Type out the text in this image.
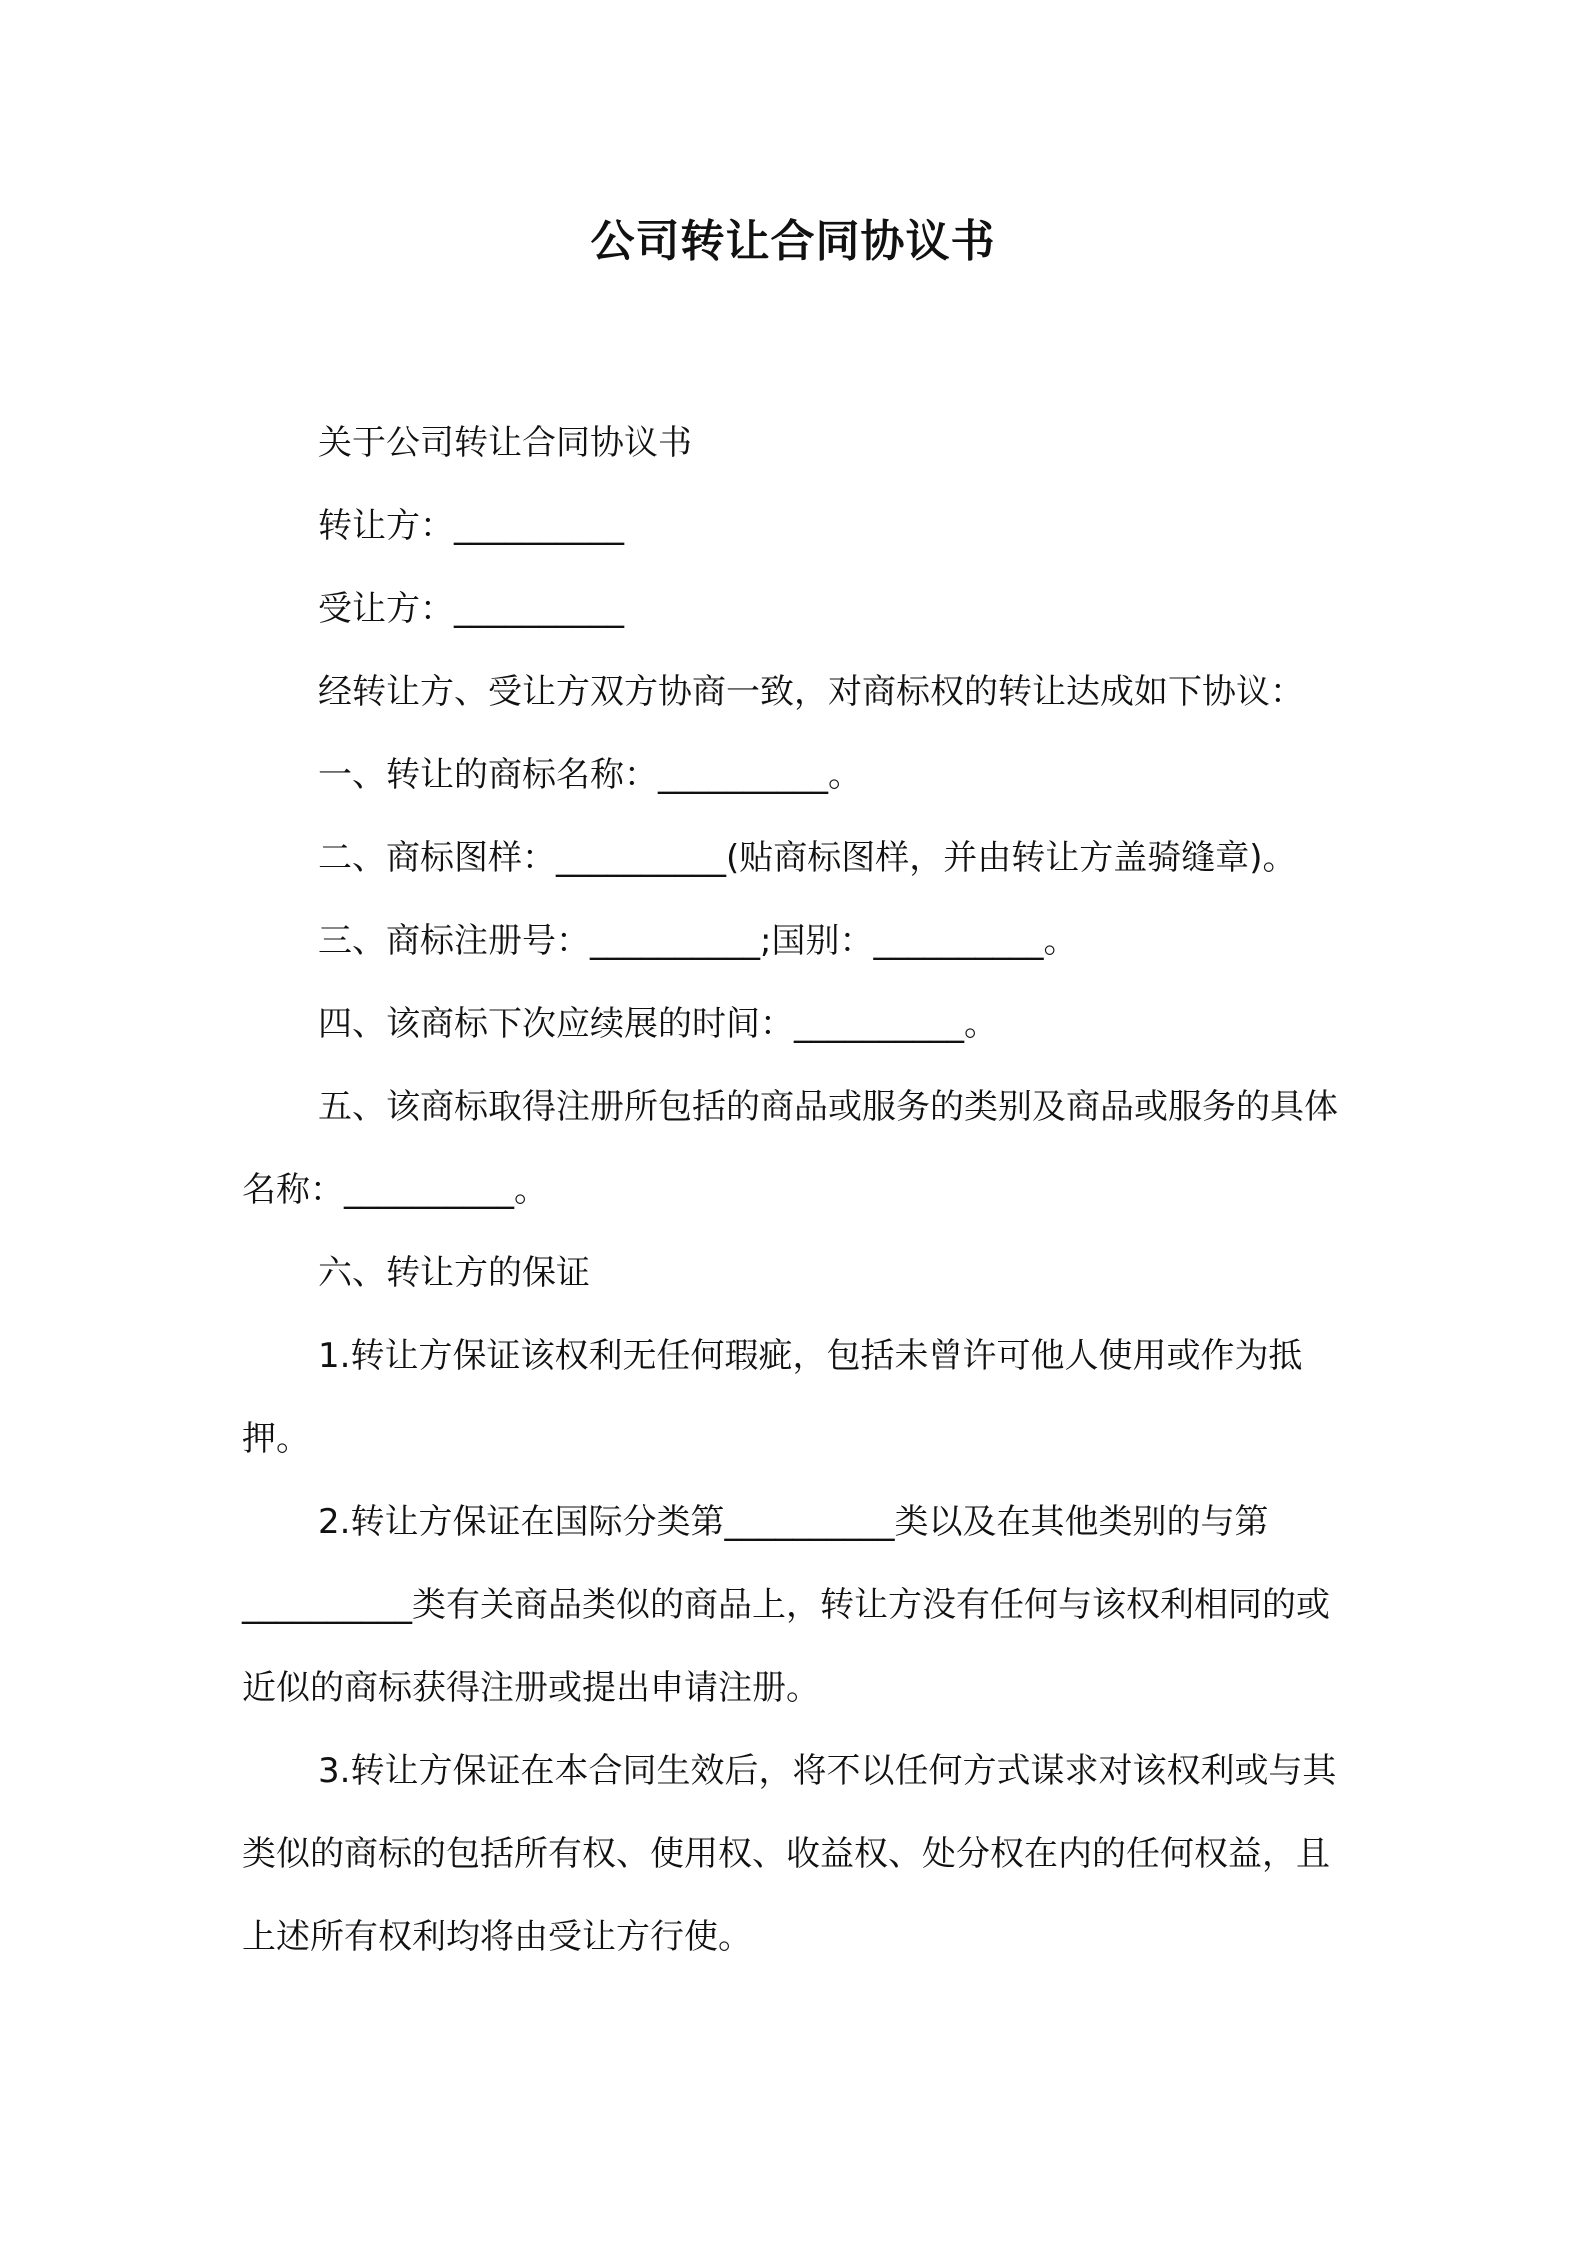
公司转让合同协议书

关于公司转让合同协议书

转让方：__________

受让方：__________

经转让方、受让方双方协商一致，对商标权的转让达成如下协议：

一、转让的商标名称：__________。

二、商标图样：__________(贴商标图样，并由转让方盖骑缝章)。

三、商标注册号：__________;国别：__________。

四、该商标下次应续展的时间：__________。

五、该商标取得注册所包括的商品或服务的类别及商品或服务的具体名称：__________。

六、转让方的保证

1.转让方保证该权利无任何瑕疵，包括未曾许可他人使用或作为抵押。

2.转让方保证在国际分类第__________类以及在其他类别的与第__________类有关商品类似的商品上，转让方没有任何与该权利相同的或近似的商标获得注册或提出申请注册。

3.转让方保证在本合同生效后，将不以任何方式谋求对该权利或与其类似的商标的包括所有权、使用权、收益权、处分权在内的任何权益，且上述所有权利均将由受让方行使。
